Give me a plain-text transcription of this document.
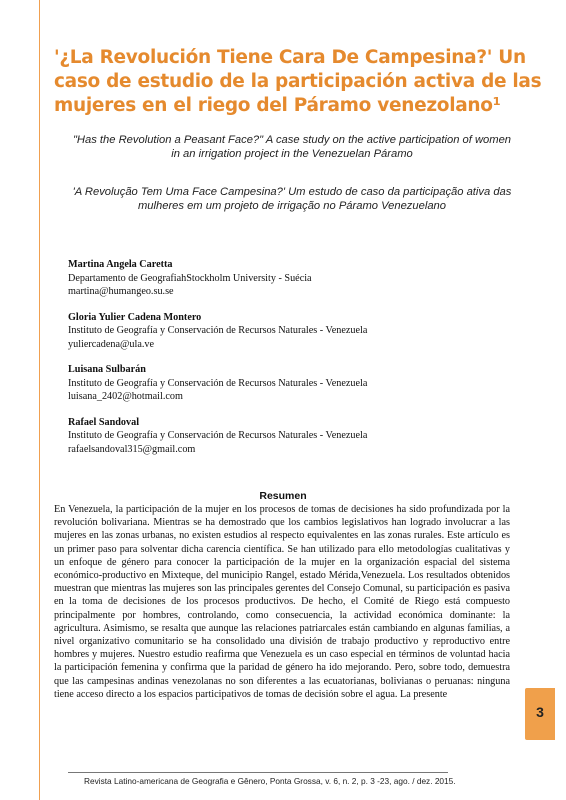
'¿La Revolución Tiene Cara De Campesina?' Un caso de estudio de la participación activa de las mujeres en el riego del Páramo venezolano¹

"Has the Revolution a Peasant Face?" A case study on the active participation of women in an irrigation project in the Venezuelan Páramo

'A Revolução Tem Uma Face Campesina?' Um estudo de caso da participação ativa das mulheres em um projeto de irrigação no Páramo Venezuelano

Martina Angela Caretta
Departamento de GeografiahStockholm University - Suécia
martina@humangeo.su.se
Gloria Yulier Cadena Montero
Instituto de Geografía y Conservación de Recursos Naturales - Venezuela
yuliercadena@ula.ve
Luisana Sulbarán
Instituto de Geografía y Conservación de Recursos Naturales - Venezuela
luisana_2402@hotmail.com
Rafael Sandoval
Instituto de Geografía y Conservación de Recursos Naturales - Venezuela
rafaelsandoval315@gmail.com
Resumen

En Venezuela, la participación de la mujer en los procesos de tomas de decisiones ha sido profundizada por la revolución bolivariana. Mientras se ha demostrado que los cambios legislativos han logrado involucrar a las mujeres en las zonas urbanas, no existen estudios al respecto equivalentes en las zonas rurales. Este artículo es un primer paso para solventar dicha carencia científica. Se han utilizado para ello metodologías cualitativas y un enfoque de género para conocer la participación de la mujer en la organización espacial del sistema económico-productivo en Mixteque, del municipio Rangel, estado Mérida,Venezuela. Los resultados obtenidos muestran que mientras las mujeres son las principales gerentes del Consejo Comunal, su participación es pasiva en la toma de decisiones de los procesos productivos. De hecho, el Comité de Riego está compuesto principalmente por hombres, controlando, como consecuencia, la actividad económica dominante: la agricultura. Asimismo, se resalta que aunque las relaciones patriarcales están cambiando en algunas familias, a nivel organizativo comunitario se ha consolidado una división de trabajo productivo y reproductivo entre hombres y mujeres. Nuestro estudio reafirma que Venezuela es un caso especial en términos de voluntad hacia la participación femenina y confirma que la paridad de género ha ido mejorando. Pero, sobre todo, demuestra que las campesinas andinas venezolanas no son diferentes a las ecuatorianas, bolivianas o peruanas: ninguna tiene acceso directo a los espacios participativos de tomas de decisión sobre el agua. La presente

3

Revista Latino-americana de Geografia e Gênero, Ponta Grossa, v. 6, n. 2, p. 3 -23, ago. / dez. 2015.
